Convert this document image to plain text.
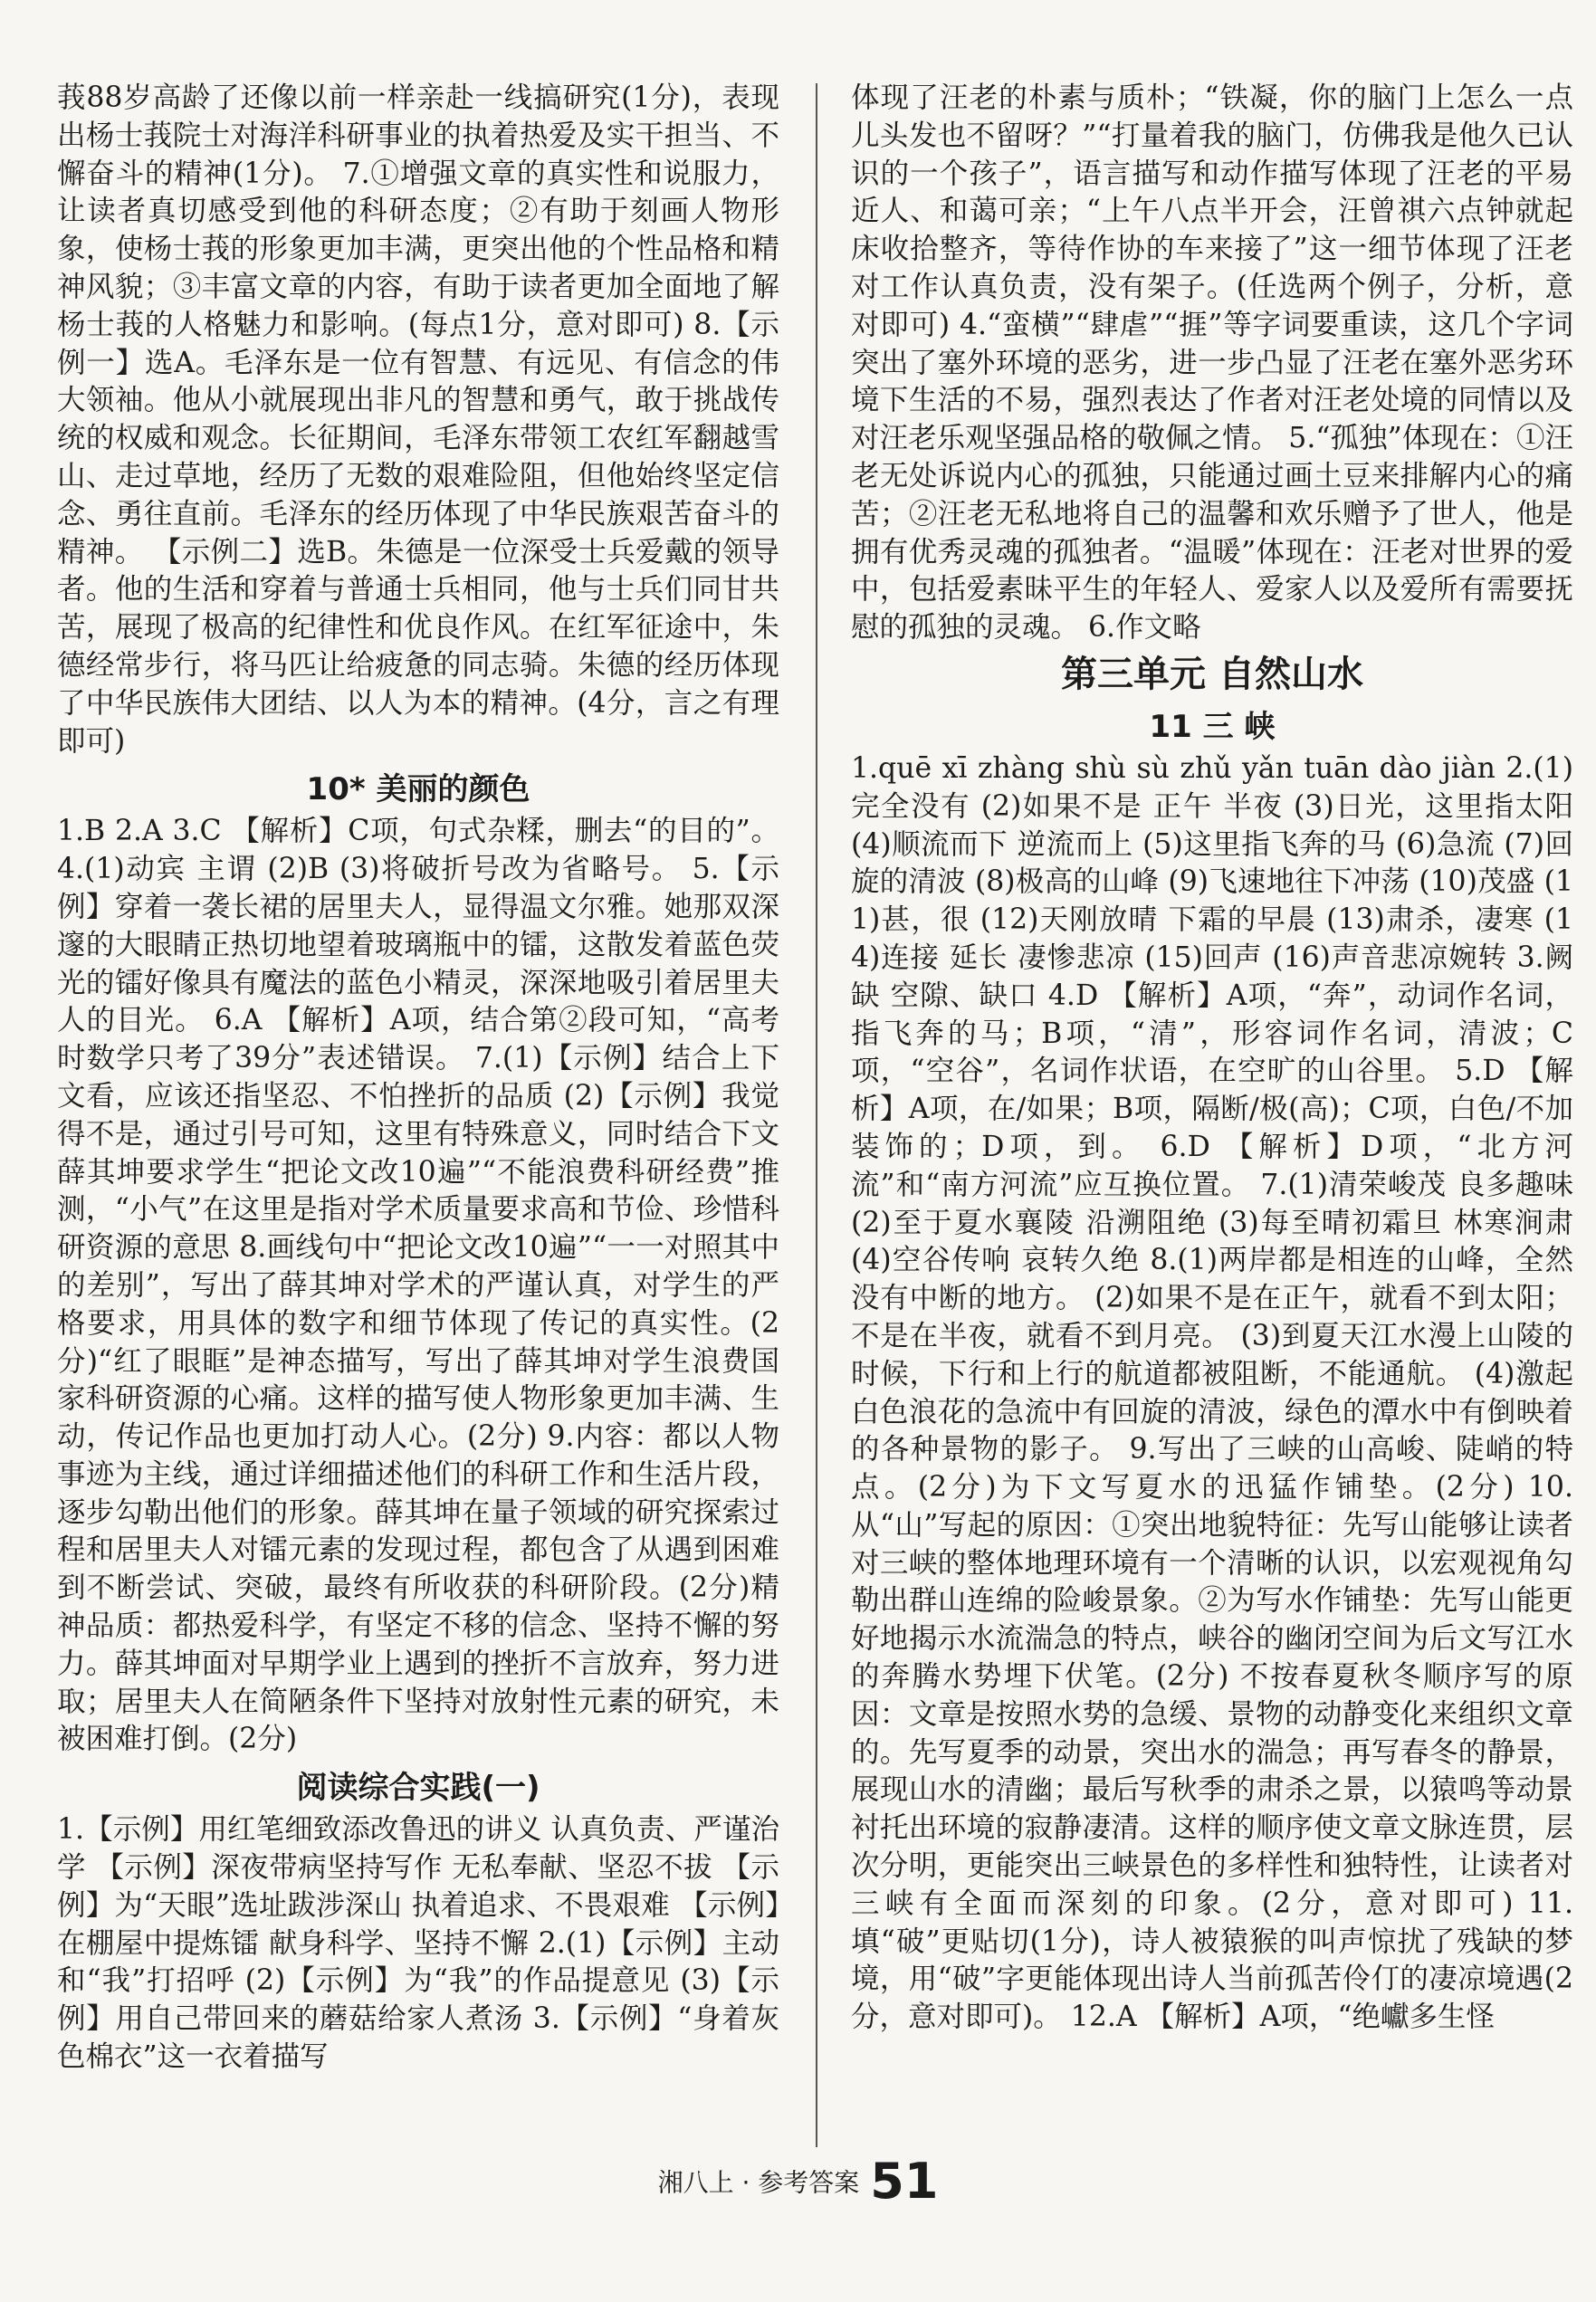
莪88岁高龄了还像以前一样亲赴一线搞研究(1分)，表现出杨士莪院士对海洋科研事业的执着热爱及实干担当、不懈奋斗的精神(1分)。 7.①增强文章的真实性和说服力，让读者真切感受到他的科研态度；②有助于刻画人物形象，使杨士莪的形象更加丰满，更突出他的个性品格和精神风貌；③丰富文章的内容，有助于读者更加全面地了解杨士莪的人格魅力和影响。(每点1分，意对即可) 8.【示例一】选A。毛泽东是一位有智慧、有远见、有信念的伟大领袖。他从小就展现出非凡的智慧和勇气，敢于挑战传统的权威和观念。长征期间，毛泽东带领工农红军翻越雪山、走过草地，经历了无数的艰难险阻，但他始终坚定信念、勇往直前。毛泽东的经历体现了中华民族艰苦奋斗的精神。 【示例二】选B。朱德是一位深受士兵爱戴的领导者。他的生活和穿着与普通士兵相同，他与士兵们同甘共苦，展现了极高的纪律性和优良作风。在红军征途中，朱德经常步行，将马匹让给疲惫的同志骑。朱德的经历体现了中华民族伟大团结、以人为本的精神。(4分，言之有理即可)

10* 美丽的颜色

1.B 2.A 3.C 【解析】C项，句式杂糅，删去“的目的”。 4.(1)动宾 主谓 (2)B (3)将破折号改为省略号。 5.【示例】穿着一袭长裙的居里夫人，显得温文尔雅。她那双深邃的大眼睛正热切地望着玻璃瓶中的镭，这散发着蓝色荧光的镭好像具有魔法的蓝色小精灵，深深地吸引着居里夫人的目光。 6.A 【解析】A项，结合第②段可知，“高考时数学只考了39分”表述错误。 7.(1)【示例】结合上下文看，应该还指坚忍、不怕挫折的品质 (2)【示例】我觉得不是，通过引号可知，这里有特殊意义，同时结合下文薛其坤要求学生“把论文改10遍”“不能浪费科研经费”推测，“小气”在这里是指对学术质量要求高和节俭、珍惜科研资源的意思 8.画线句中“把论文改10遍”“一一对照其中的差别”，写出了薛其坤对学术的严谨认真，对学生的严格要求，用具体的数字和细节体现了传记的真实性。(2分)“红了眼眶”是神态描写，写出了薛其坤对学生浪费国家科研资源的心痛。这样的描写使人物形象更加丰满、生动，传记作品也更加打动人心。(2分) 9.内容：都以人物事迹为主线，通过详细描述他们的科研工作和生活片段，逐步勾勒出他们的形象。薛其坤在量子领域的研究探索过程和居里夫人对镭元素的发现过程，都包含了从遇到困难到不断尝试、突破，最终有所收获的科研阶段。(2分)精神品质：都热爱科学，有坚定不移的信念、坚持不懈的努力。薛其坤面对早期学业上遇到的挫折不言放弃，努力进取；居里夫人在简陋条件下坚持对放射性元素的研究，未被困难打倒。(2分)

阅读综合实践(一)

1.【示例】用红笔细致添改鲁迅的讲义 认真负责、严谨治学 【示例】深夜带病坚持写作 无私奉献、坚忍不拔 【示例】为“天眼”选址跋涉深山 执着追求、不畏艰难 【示例】在棚屋中提炼镭 献身科学、坚持不懈 2.(1)【示例】主动和“我”打招呼 (2)【示例】为“我”的作品提意见 (3)【示例】用自己带回来的蘑菇给家人煮汤 3.【示例】“身着灰色棉衣”这一衣着描写

体现了汪老的朴素与质朴；“铁凝，你的脑门上怎么一点儿头发也不留呀？”“打量着我的脑门，仿佛我是他久已认识的一个孩子”，语言描写和动作描写体现了汪老的平易近人、和蔼可亲；“上午八点半开会，汪曾祺六点钟就起床收拾整齐，等待作协的车来接了”这一细节体现了汪老对工作认真负责，没有架子。(任选两个例子，分析，意对即可) 4.“蛮横”“肆虐”“捱”等字词要重读，这几个字词突出了塞外环境的恶劣，进一步凸显了汪老在塞外恶劣环境下生活的不易，强烈表达了作者对汪老处境的同情以及对汪老乐观坚强品格的敬佩之情。 5.“孤独”体现在：①汪老无处诉说内心的孤独，只能通过画土豆来排解内心的痛苦；②汪老无私地将自己的温馨和欢乐赠予了世人，他是拥有优秀灵魂的孤独者。“温暖”体现在：汪老对世界的爱中，包括爱素昧平生的年轻人、爱家人以及爱所有需要抚慰的孤独的灵魂。 6.作文略

第三单元 自然山水
11 三 峡

1.quē xī zhàng shù sù zhǔ yǎn tuān dào jiàn 2.(1)完全没有 (2)如果不是 正午 半夜 (3)日光，这里指太阳 (4)顺流而下 逆流而上 (5)这里指飞奔的马 (6)急流 (7)回旋的清波 (8)极高的山峰 (9)飞速地往下冲荡 (10)茂盛 (11)甚，很 (12)天刚放晴 下霜的早晨 (13)肃杀，凄寒 (14)连接 延长 凄惨悲凉 (15)回声 (16)声音悲凉婉转 3.阙 缺 空隙、缺口 4.D 【解析】A项，“奔”，动词作名词，指飞奔的马；B项，“清”，形容词作名词，清波；C项，“空谷”，名词作状语，在空旷的山谷里。 5.D 【解析】A项，在/如果；B项，隔断/极(高)；C项，白色/不加装饰的；D项，到。 6.D 【解析】D项，“北方河流”和“南方河流”应互换位置。 7.(1)清荣峻茂 良多趣味 (2)至于夏水襄陵 沿溯阻绝 (3)每至晴初霜旦 林寒涧肃 (4)空谷传响 哀转久绝 8.(1)两岸都是相连的山峰，全然没有中断的地方。 (2)如果不是在正午，就看不到太阳；不是在半夜，就看不到月亮。 (3)到夏天江水漫上山陵的时候，下行和上行的航道都被阻断，不能通航。 (4)激起白色浪花的急流中有回旋的清波，绿色的潭水中有倒映着的各种景物的影子。 9.写出了三峡的山高峻、陡峭的特点。(2分)为下文写夏水的迅猛作铺垫。(2分) 10.从“山”写起的原因：①突出地貌特征：先写山能够让读者对三峡的整体地理环境有一个清晰的认识，以宏观视角勾勒出群山连绵的险峻景象。②为写水作铺垫：先写山能更好地揭示水流湍急的特点，峡谷的幽闭空间为后文写江水的奔腾水势埋下伏笔。(2分) 不按春夏秋冬顺序写的原因：文章是按照水势的急缓、景物的动静变化来组织文章的。先写夏季的动景，突出水的湍急；再写春冬的静景，展现山水的清幽；最后写秋季的肃杀之景，以猿鸣等动景衬托出环境的寂静凄清。这样的顺序使文章文脉连贯，层次分明，更能突出三峡景色的多样性和独特性，让读者对三峡有全面而深刻的印象。(2分，意对即可) 11.填“破”更贴切(1分)，诗人被猿猴的叫声惊扰了残缺的梦境，用“破”字更能体现出诗人当前孤苦伶仃的凄凉境遇(2分，意对即可)。 12.A 【解析】A项，“绝巘多生怪

湘八上 · 参考答案 51
